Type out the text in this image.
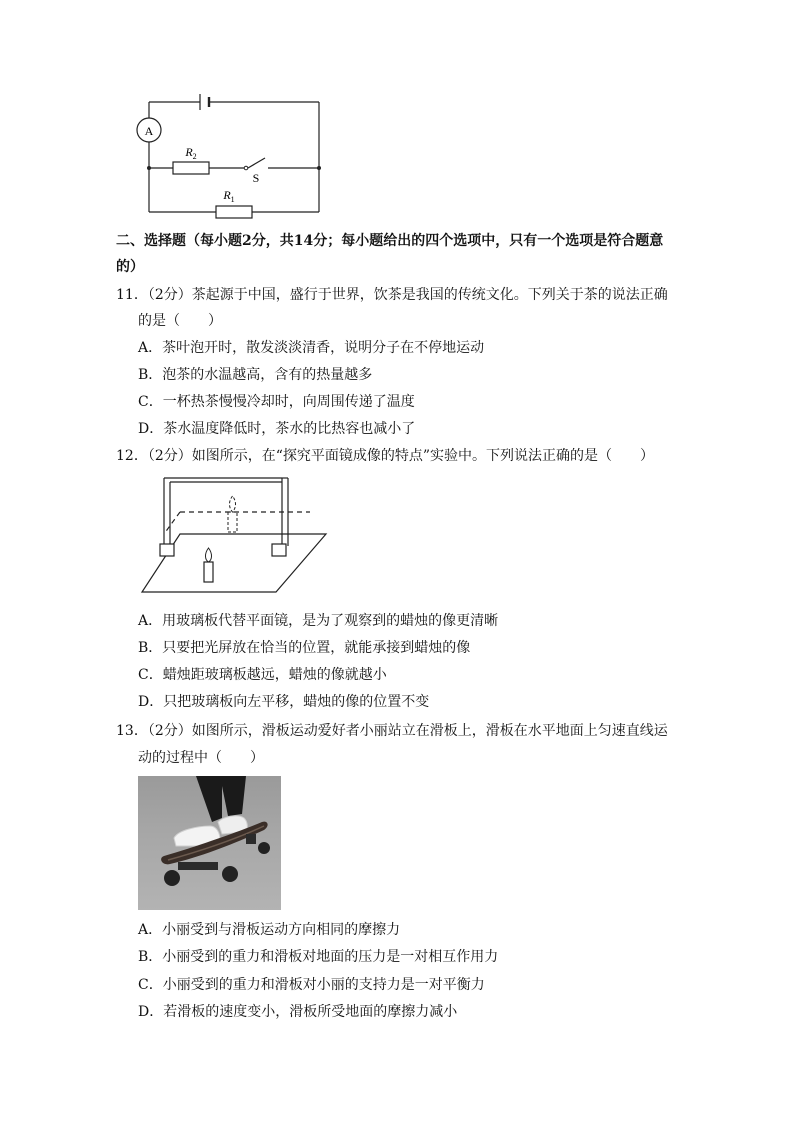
A
$R_2$
S
$R_1$
二、选择题（每小题2分，共14分；每小题给出的四个选项中，只有一个选项是符合题意
的）
11．（2分）茶起源于中国，盛行于世界，饮茶是我国的传统文化。下列关于茶的说法正确
的是（　　）
A．茶叶泡开时，散发淡淡清香，说明分子在不停地运动
B．泡茶的水温越高，含有的热量越多
C．一杯热茶慢慢冷却时，向周围传递了温度
D．茶水温度降低时，茶水的比热容也减小了
12．（2分）如图所示，在“探究平面镜成像的特点”实验中。下列说法正确的是（　　）
A．用玻璃板代替平面镜，是为了观察到的蜡烛的像更清晰
B．只要把光屏放在恰当的位置，就能承接到蜡烛的像
C．蜡烛距玻璃板越远，蜡烛的像就越小
D．只把玻璃板向左平移，蜡烛的像的位置不变
13．（2分）如图所示，滑板运动爱好者小丽站立在滑板上，滑板在水平地面上匀速直线运
动的过程中（　　）
A．小丽受到与滑板运动方向相同的摩擦力
B．小丽受到的重力和滑板对地面的压力是一对相互作用力
C．小丽受到的重力和滑板对小丽的支持力是一对平衡力
D．若滑板的速度变小，滑板所受地面的摩擦力减小
